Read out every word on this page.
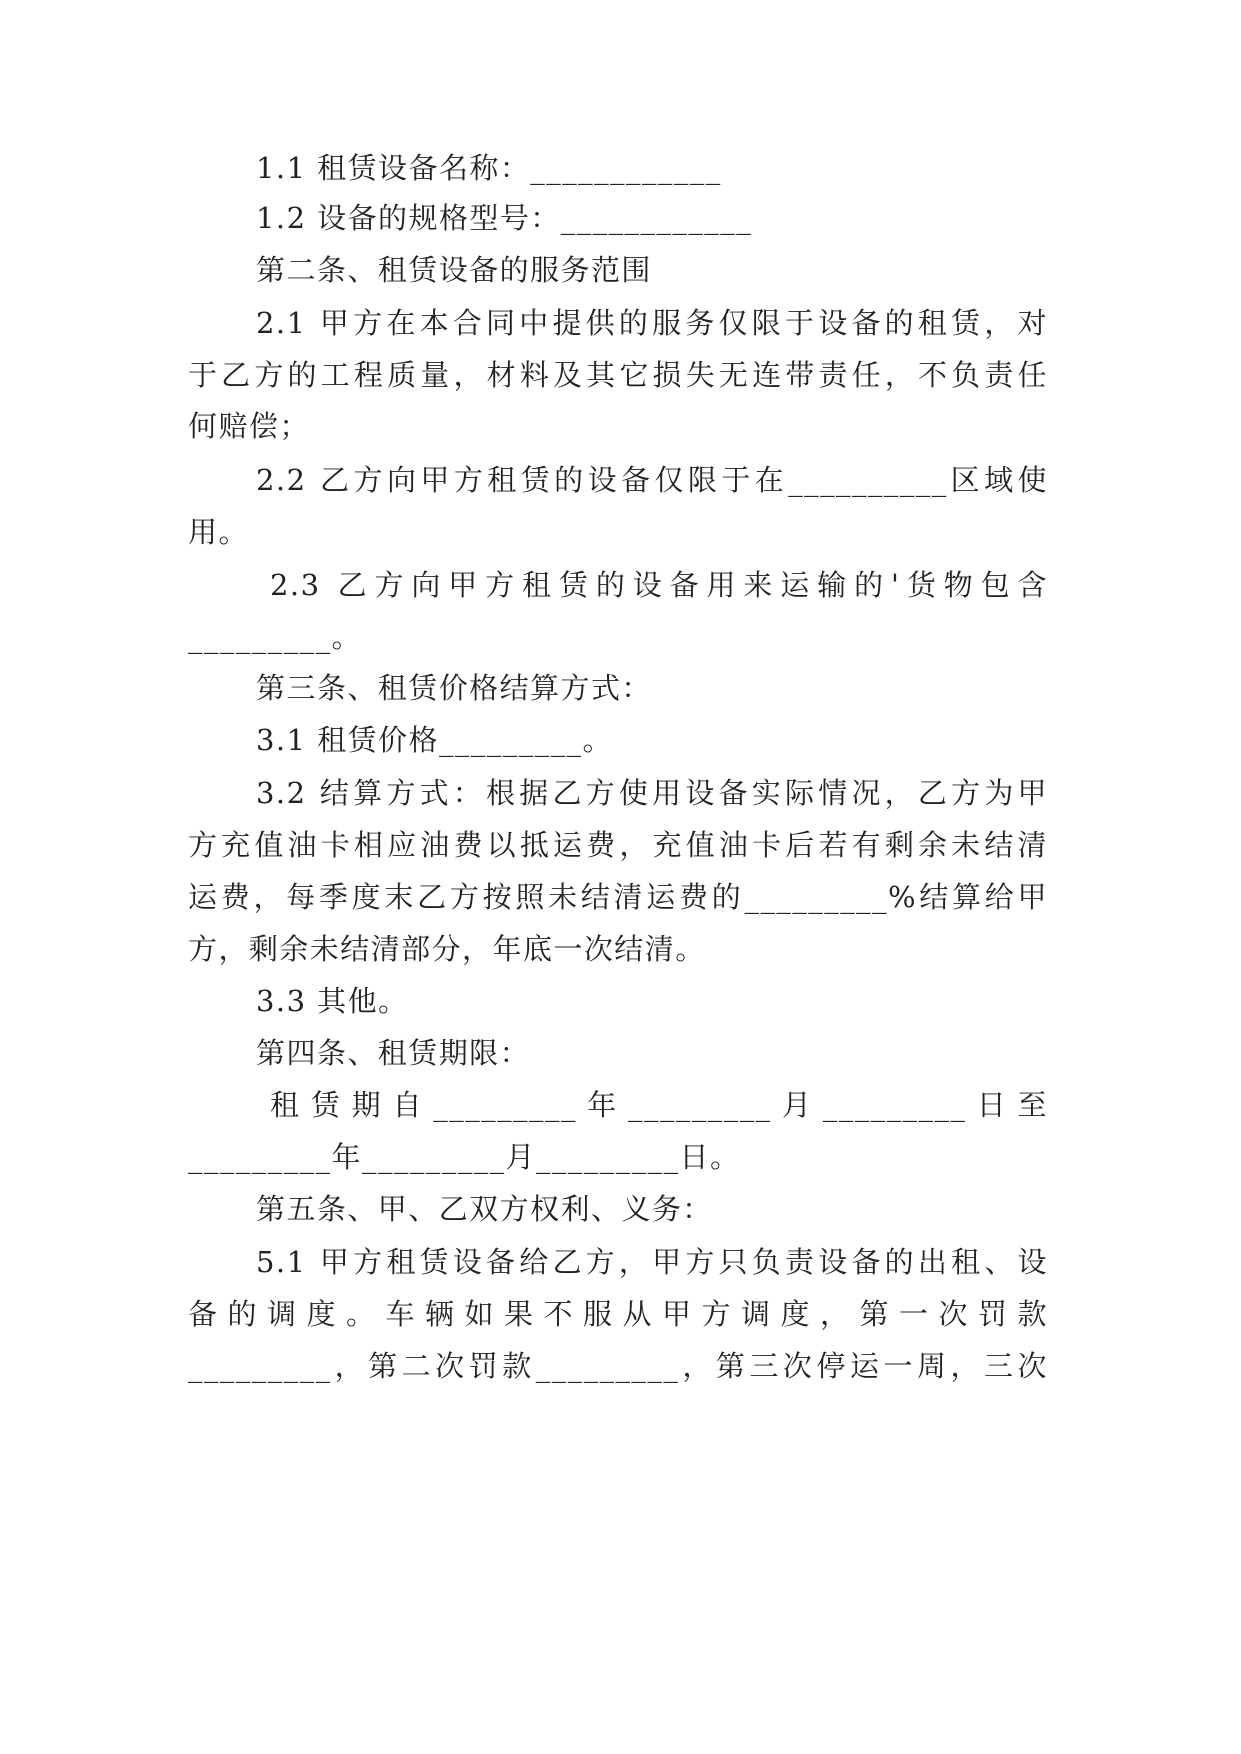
1.1 租赁设备名称：____________
1.2 设备的规格型号：____________
第二条、租赁设备的服务范围
2.1 甲方在本合同中提供的服务仅限于设备的租赁，对
于乙方的工程质量，材料及其它损失无连带责任，不负责任
何赔偿；
2.2 乙方向甲方租赁的设备仅限于在__________区域使
用。
2.3 乙方向甲方租赁的设备用来运输的'货物包含
_________。
第三条、租赁价格结算方式：
3.1 租赁价格_________。
3.2 结算方式：根据乙方使用设备实际情况，乙方为甲
方充值油卡相应油费以抵运费，充值油卡后若有剩余未结清
运费，每季度末乙方按照未结清运费的_________%结算给甲
方，剩余未结清部分，年底一次结清。
3.3 其他。
第四条、租赁期限：
租赁期自_________年_________月_________日至
_________年_________月_________日。
第五条、甲、乙双方权利、义务：
5.1 甲方租赁设备给乙方，甲方只负责设备的出租、设
备的调度。车辆如果不服从甲方调度，第一次罚款
_________，第二次罚款_________，第三次停运一周，三次
